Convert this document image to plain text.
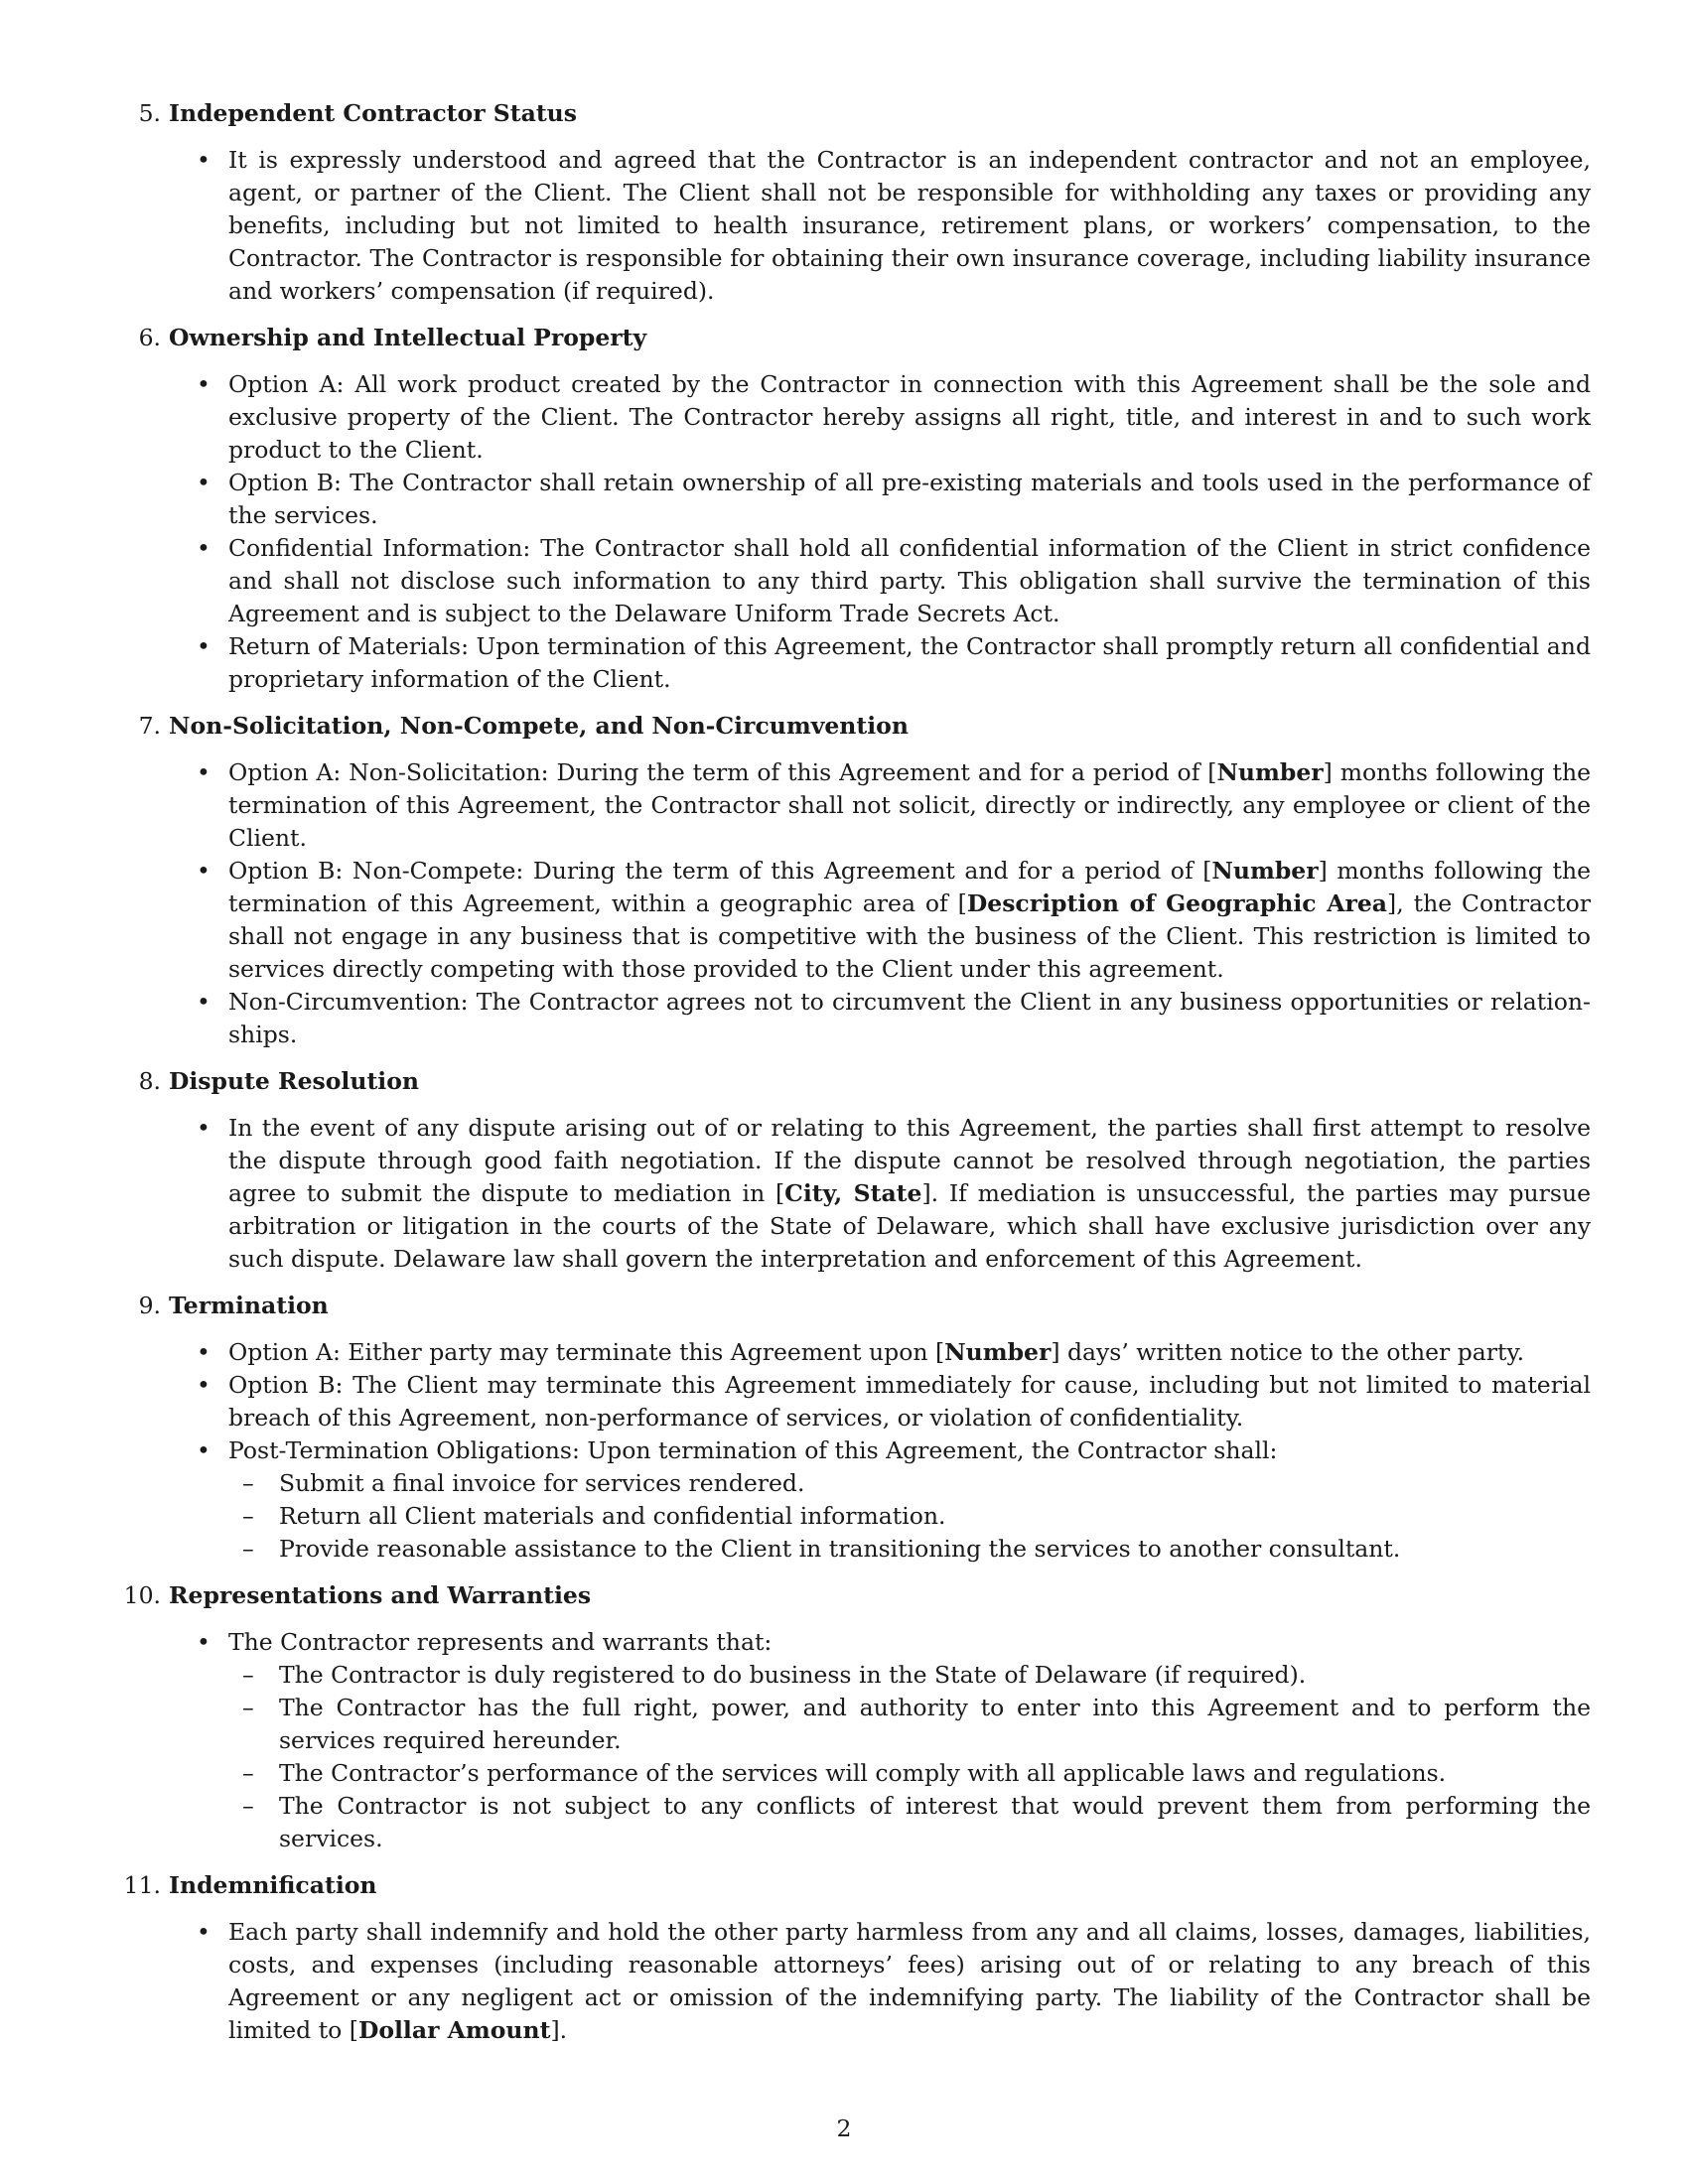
5. Independent Contractor Status
• It is expressly understood and agreed that the Contractor is an independent contractor and not an employee, agent, or partner of the Client. The Client shall not be responsible for withholding any taxes or providing any benefits, including but not limited to health insurance, retirement plans, or workers’ compensation, to the Contractor. The Contractor is responsible for obtaining their own insurance coverage, including liability insurance and workers’ compensation (if required).
6. Ownership and Intellectual Property
• Option A: All work product created by the Contractor in connection with this Agreement shall be the sole and exclusive property of the Client. The Contractor hereby assigns all right, title, and interest in and to such work product to the Client.
• Option B: The Contractor shall retain ownership of all pre-existing materials and tools used in the performance of the services.
• Confidential Information: The Contractor shall hold all confidential information of the Client in strict confidence and shall not disclose such information to any third party. This obligation shall survive the termination of this Agreement and is subject to the Delaware Uniform Trade Secrets Act.
• Return of Materials: Upon termination of this Agreement, the Contractor shall promptly return all confidential and proprietary information of the Client.
7. Non-Solicitation, Non-Compete, and Non-Circumvention
• Option A: Non-Solicitation: During the term of this Agreement and for a period of [Number] months following the termination of this Agreement, the Contractor shall not solicit, directly or indirectly, any employee or client of the Client.
• Option B: Non-Compete: During the term of this Agreement and for a period of [Number] months following the termination of this Agreement, within a geographic area of [Description of Geographic Area], the Contractor shall not engage in any business that is competitive with the business of the Client. This restriction is limited to services directly competing with those provided to the Client under this agreement.
• Non-Circumvention: The Contractor agrees not to circumvent the Client in any business opportunities or relationships.
8. Dispute Resolution
• In the event of any dispute arising out of or relating to this Agreement, the parties shall first attempt to resolve the dispute through good faith negotiation. If the dispute cannot be resolved through negotiation, the parties agree to submit the dispute to mediation in [City, State]. If mediation is unsuccessful, the parties may pursue arbitration or litigation in the courts of the State of Delaware, which shall have exclusive jurisdiction over any such dispute. Delaware law shall govern the interpretation and enforcement of this Agreement.
9. Termination
• Option A: Either party may terminate this Agreement upon [Number] days’ written notice to the other party.
• Option B: The Client may terminate this Agreement immediately for cause, including but not limited to material breach of this Agreement, non-performance of services, or violation of confidentiality.
• Post-Termination Obligations: Upon termination of this Agreement, the Contractor shall:
– Submit a final invoice for services rendered.
– Return all Client materials and confidential information.
– Provide reasonable assistance to the Client in transitioning the services to another consultant.
10. Representations and Warranties
• The Contractor represents and warrants that:
– The Contractor is duly registered to do business in the State of Delaware (if required).
– The Contractor has the full right, power, and authority to enter into this Agreement and to perform the services required hereunder.
– The Contractor’s performance of the services will comply with all applicable laws and regulations.
– The Contractor is not subject to any conflicts of interest that would prevent them from performing the services.
11. Indemnification
• Each party shall indemnify and hold the other party harmless from any and all claims, losses, damages, liabilities, costs, and expenses (including reasonable attorneys’ fees) arising out of or relating to any breach of this Agreement or any negligent act or omission of the indemnifying party. The liability of the Contractor shall be limited to [Dollar Amount].
2
